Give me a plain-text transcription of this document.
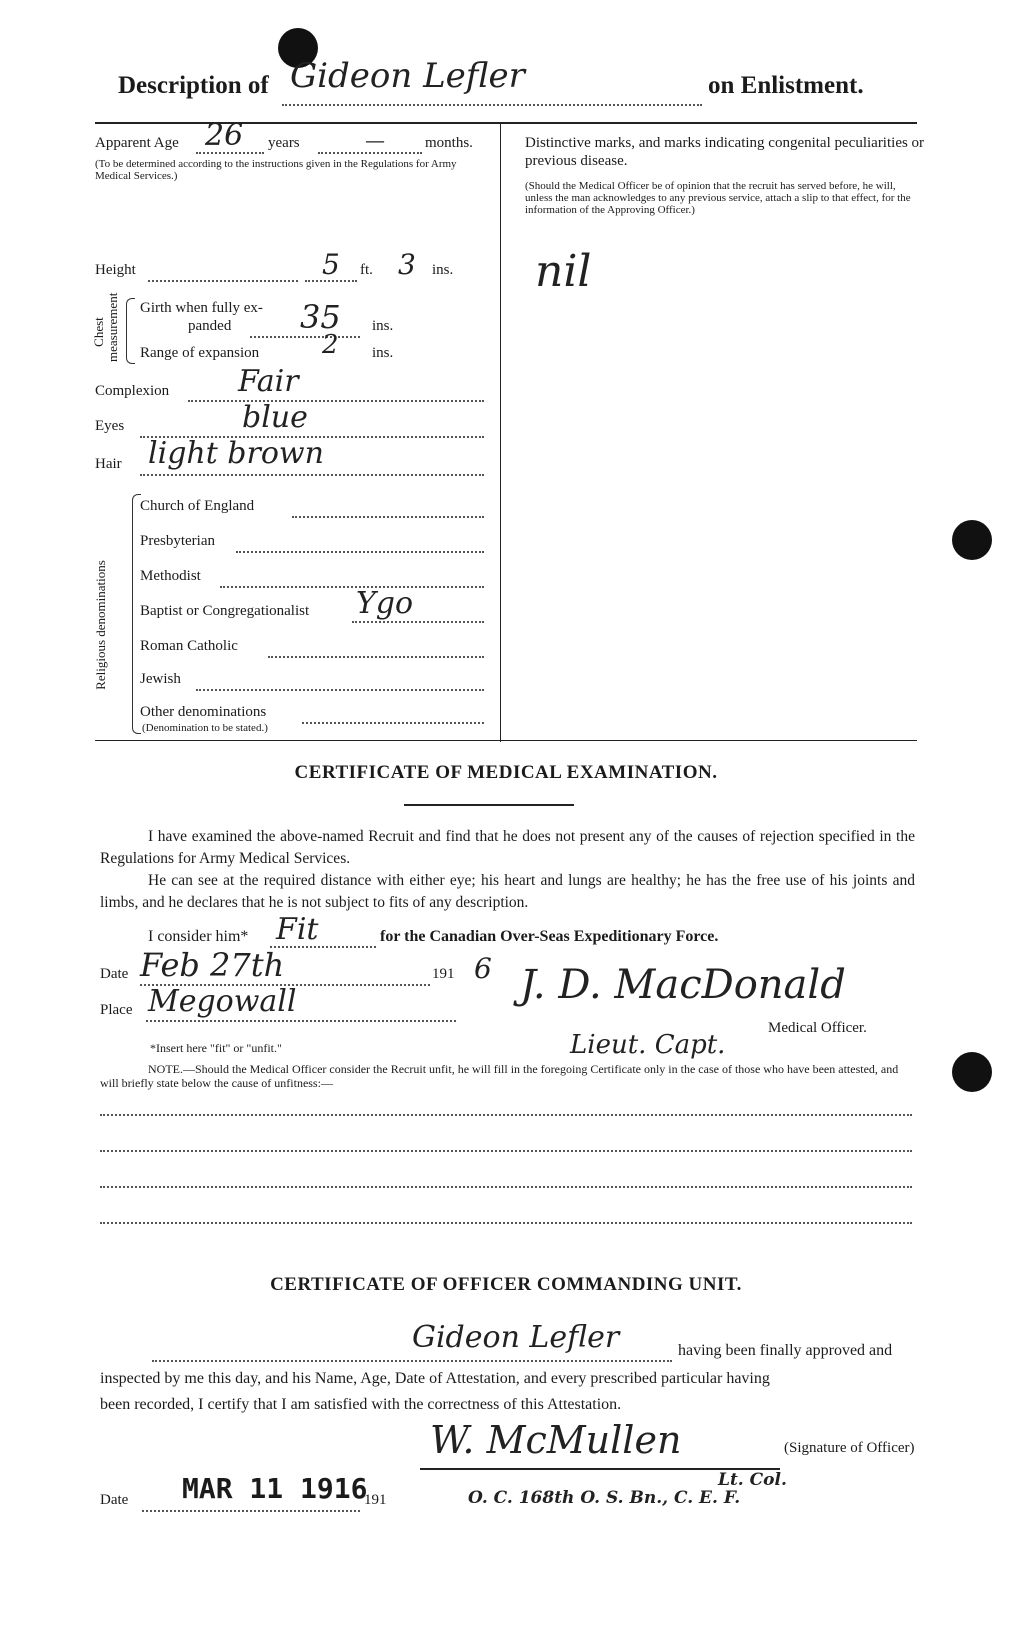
Description of Gideon Lefler	on Enlistment.
Apparent Age 26 years	—	months.
(To be determined according to the instructions given in the Regulations for Army Medical Services.)
Height	5 ft. 3 ins.
Chest measurement Girth when fully ex-
panded 35 ins.
Range of expansion 2 ins.
Complexion Fair
Eyes	blue
Hair light brown
Religious denominations
Church of England
Presbyterian
Methodist
Baptist or Congregationalist Ygo
Roman Catholic
Jewish
Other denominations
(Denomination to be stated.)
Distinctive marks, and marks indicating congenital peculiarities or previous disease.
(Should the Medical Officer be of opinion that the recruit has served before, he will, unless the man acknowledges to any previous service, attach a slip to that effect, for the information of the Approving Officer.)
nil
CERTIFICATE OF MEDICAL EXAMINATION.
I have examined the above-named Recruit and find that he does not present any of the causes of rejection specified in the Regulations for Army Medical Services.
He can see at the required distance with either eye; his heart and lungs are healthy; he has the free use of his joints and limbs, and he declares that he is not subject to fits of any description.
I consider him* Fit	for the Canadian Over-Seas Expeditionary Force.
Date Feb 27th	191 6
Place Megowall	J. D. MacDonald
Lieut. Capt.
Medical Officer.
*Insert here "fit" or "unfit."
NOTE.—Should the Medical Officer consider the Recruit unfit, he will fill in the foregoing Certificate only in the case of those who have been attested, and will briefly state below the cause of unfitness:—
CERTIFICATE OF OFFICER COMMANDING UNIT.
Gideon Lefler	having been finally approved and
inspected by me this day, and his Name, Age, Date of Attestation, and every prescribed particular having
been recorded, I certify that I am satisfied with the correctness of this Attestation.
W. McMullen	(Signature of Officer)
Lt. Col.
Date MAR 11 1916
191	O. C. 168th O. S. Bn., C. E. F.
